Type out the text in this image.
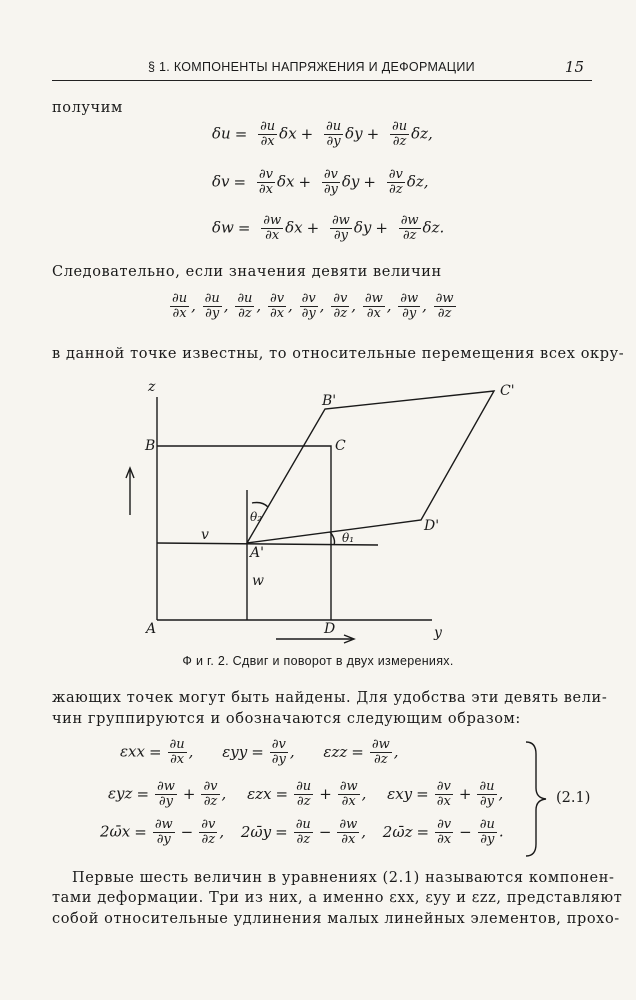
§ 1. КОМПОНЕНТЫ НАПРЯЖЕНИЯ И ДЕФОРМАЦИИ	15
получим
$\delta u = \frac{\partial u}{\partial x}$ $\delta x + \frac{\partial u}{\partial y}$ $\delta y + \frac{\partial u}{\partial z} \delta z$,
$\delta v = \frac{\partial v}{\partial x}$ $\delta x + \frac{\partial v}{\partial y}$ $\delta y + \frac{\partial v}{\partial z} \delta z$,
$\delta w = \frac{\partial w}{\partial x}$ $\delta x + \frac{\partial w}{\partial y}$ $\delta y + \frac{\partial w}{\partial z} \delta z$.
Следовательно, если значения девяти величин
$\frac{\partial u}{\partial x}$ , $\frac{\partial u}{\partial y}$ , $\frac{\partial u}{\partial z}$ , $\frac{\partial v}{\partial x}$ , $\frac{\partial v}{\partial y}$ , $\frac{\partial v}{\partial z}$ , $\frac{\partial w}{\partial x}$ , $\frac{\partial w}{\partial y}$ , $\frac{\partial w}{\partial z}$
в данной точке известны, то относительные перемещения всех окру-
z
y
A
B	C
D
A'
B'
C'
D'
v
w
θ₁
θ₂
Ф и г. 2. Сдвиг и поворот в двух измерениях.
жающих точек могут быть найдены. Для удобства эти девять вели-
чин группируются и обозначаются следующим образом:
$\varepsilon xx = \frac{\partial u}{\partial x}$ , $\varepsilon yy = \frac{\partial v}{\partial y}$ , $\varepsilon zz = \frac{\partial w}{\partial z}$ ,
$\varepsilon yz = \frac{\partial w}{\partial y} + \frac{\partial v}{\partial z}$ , $\varepsilon zx = \frac{\partial u}{\partial z} + \frac{\partial w}{\partial x}$ , $\varepsilon xy = \frac{\partial v}{\partial x} + \frac{\partial u}{\partial y}$ ,
2ω̄x = $\frac{\partial w}{\partial y} - \frac{\partial v}{\partial z}$ , 2ω̄y = $\frac{\partial u}{\partial z} - \frac{\partial w}{\partial x}$ , 2ω̄z = $\frac{\partial v}{\partial x} - \frac{\partial u}{\partial y}$ .
(2.1)
Первые шесть величин в уравнениях (2.1) называются компонен-
тами деформации. Три из них, а именно εxx, εyy и εzz, представляют
собой относительные удлинения малых линейных элементов, прохо-
